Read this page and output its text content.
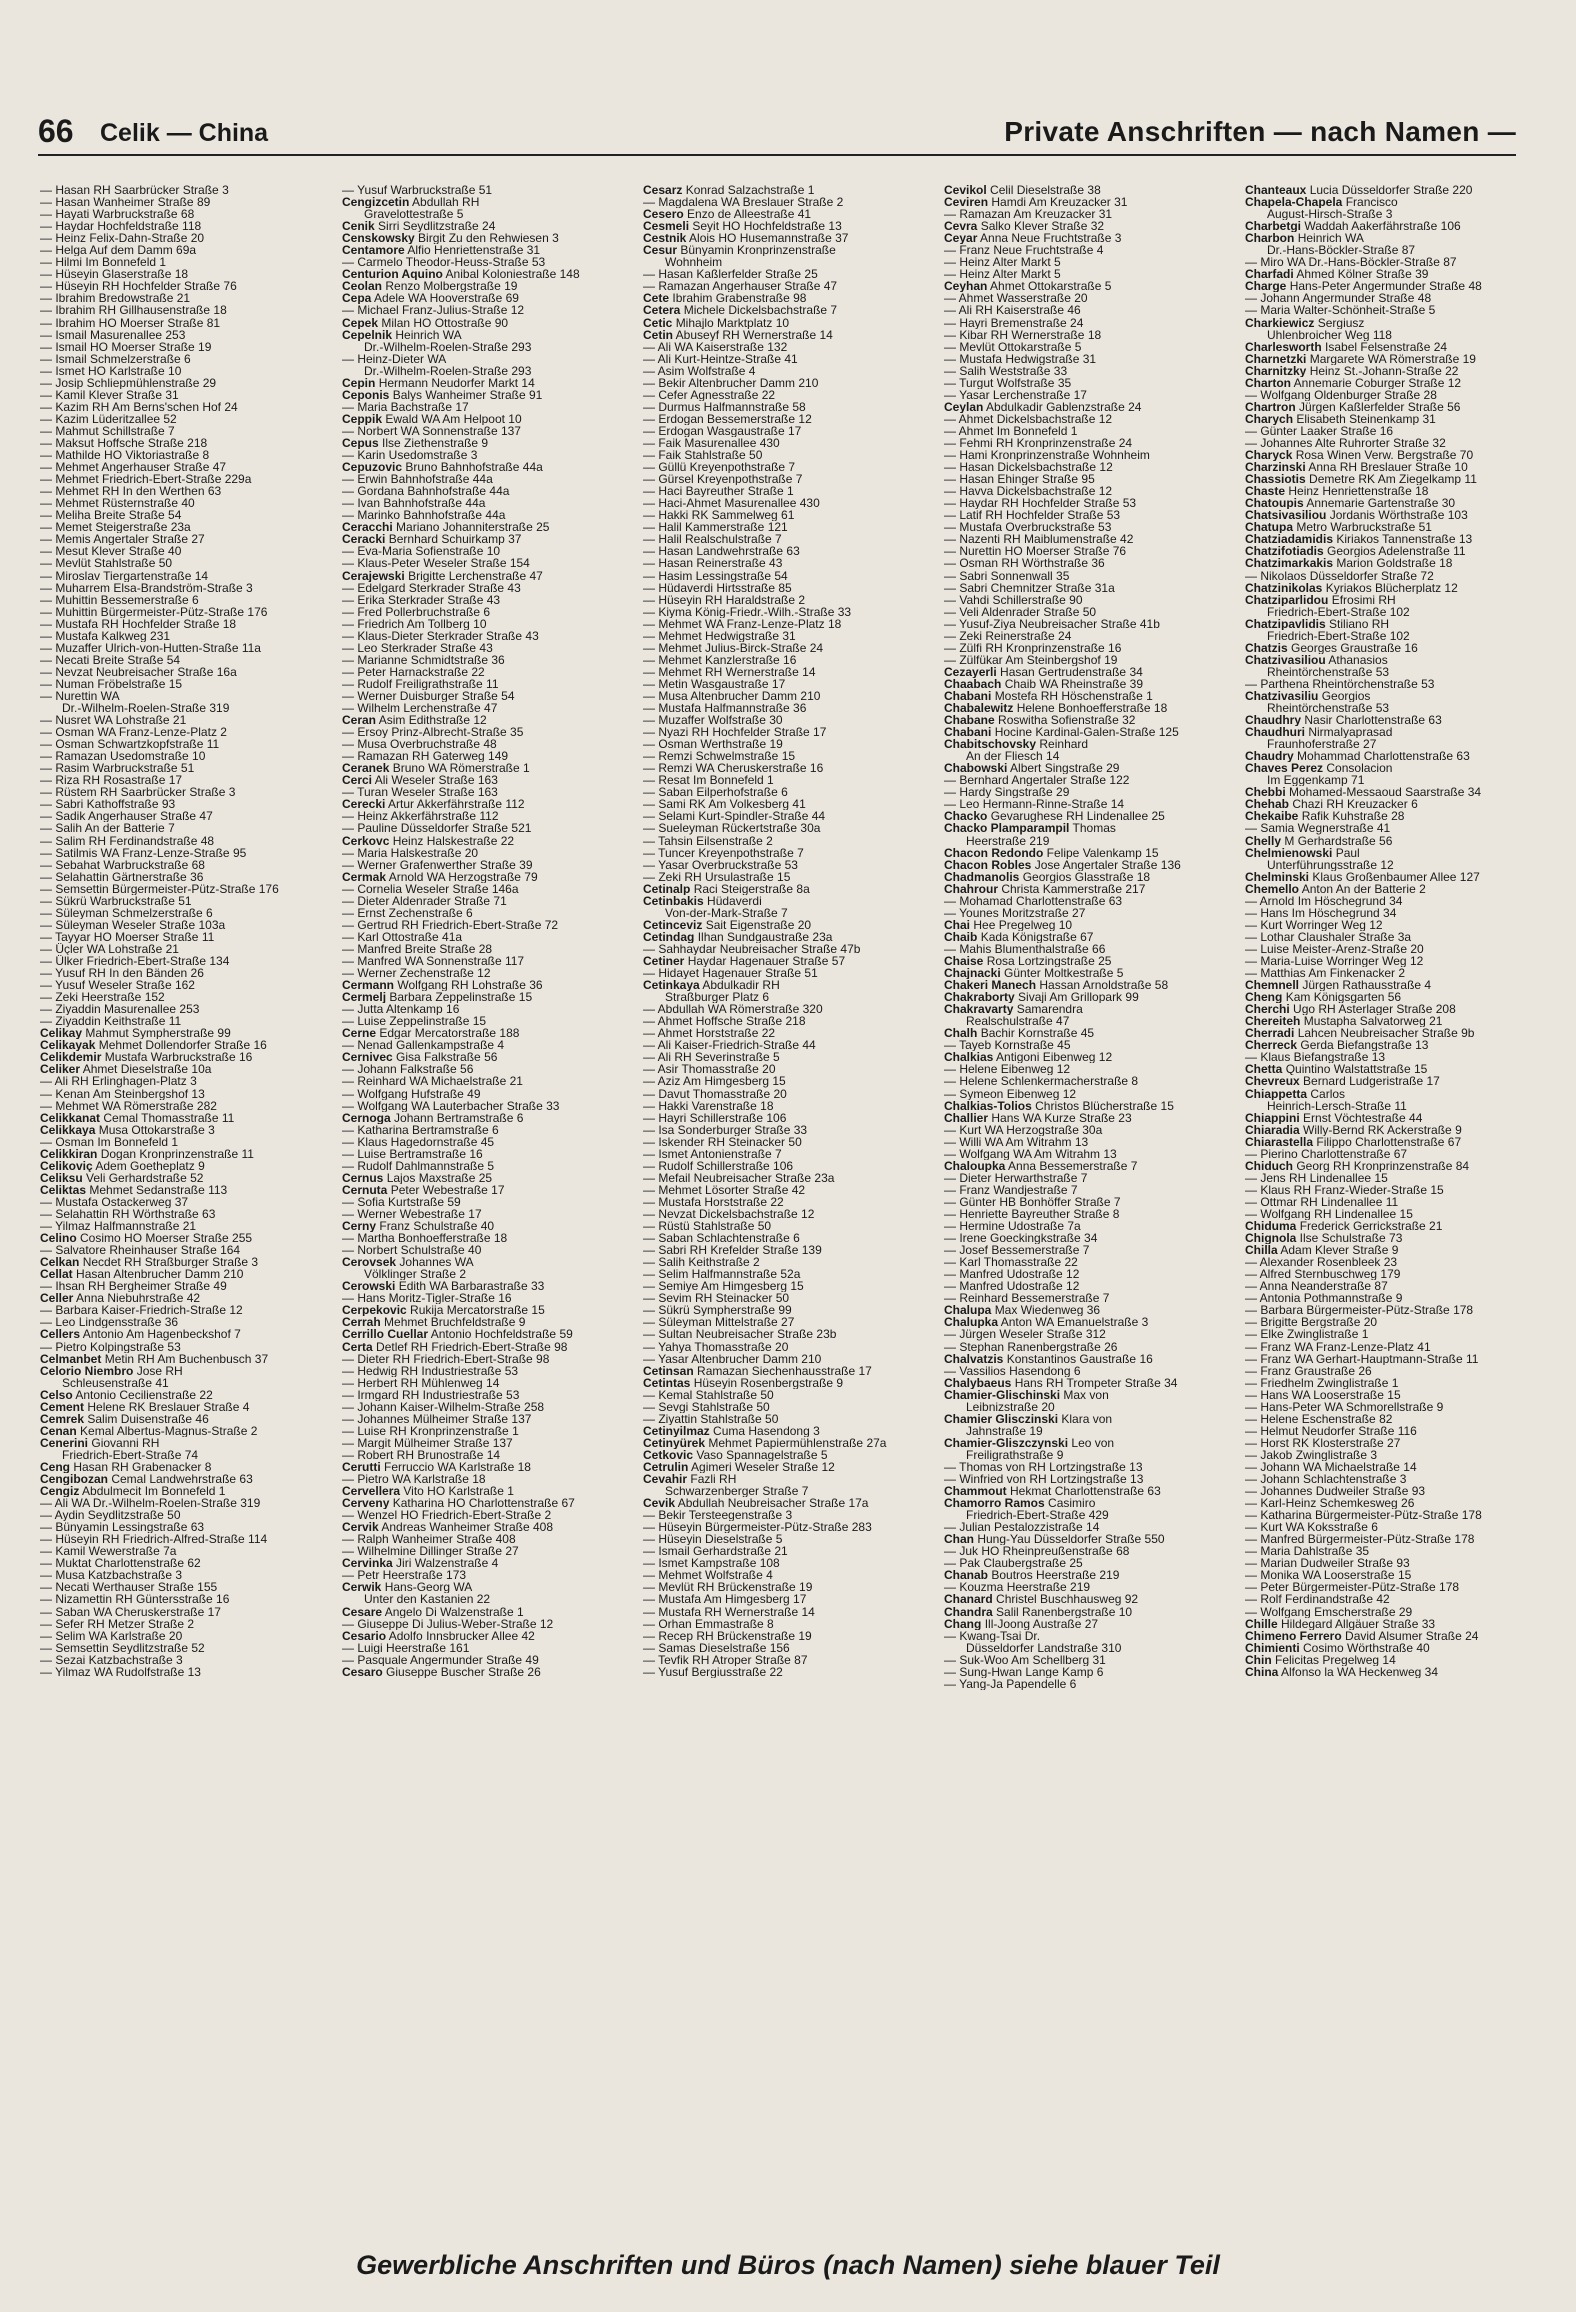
66 Celik — China	Private Anschriften — nach Namen —
— Hasan RH Saarbrücker Straße 3
— Hasan Wanheimer Straße 89
— Hayati Warbruckstraße 68
— Haydar Hochfeldstraße 118
— Heinz Felix-Dahn-Straße 20
— Helga Auf dem Damm 69a
— Hilmi Im Bonnefeld 1
— Hüseyin Glaserstraße 18
— Hüseyin RH Hochfelder Straße 76
— Ibrahim Bredowstraße 21
— Ibrahim RH Gillhausenstraße 18
— Ibrahim HO Moerser Straße 81
— Ismail Masurenallee 253
— Ismail HO Moerser Straße 19
— Ismail Schmelzerstraße 6
— Ismet HO Karlstraße 10
— Josip Schliepmühlenstraße 29
— Kamil Klever Straße 31
— Kazim RH Am Berns'schen Hof 24
— Kazim Lüderitzallee 52
— Mahmut Schillstraße 7
— Maksut Hoffsche Straße 218
— Mathilde HO Viktoriastraße 8
— Mehmet Angerhauser Straße 47
— Mehmet Friedrich-Ebert-Straße 229a
— Mehmet RH In den Werthen 63
— Mehmet Rüsternstraße 40
— Meliha Breite Straße 54
— Memet Steigerstraße 23a
— Memis Angertaler Straße 27
— Mesut Klever Straße 40
— Mevlüt Stahlstraße 50
— Miroslav Tiergartenstraße 14
— Muharrem Elsa-Brandström-Straße 3
— Muhittin Bessemerstraße 6
— Muhittin Bürgermeister-Pütz-Straße 176
— Mustafa RH Hochfelder Straße 18
— Mustafa Kalkweg 231
— Muzaffer Ulrich-von-Hutten-Straße 11a
— Necati Breite Straße 54
— Nevzat Neubreisacher Straße 16a
— Numan Fröbelstraße 15
— Nurettin WA
Dr.-Wilhelm-Roelen-Straße 319
— Nusret WA Lohstraße 21
— Osman WA Franz-Lenze-Platz 2
— Osman Schwartzkopfstraße 11
— Ramazan Usedomstraße 10
— Rasim Warbruckstraße 51
— Riza RH Rosastraße 17
— Rüstem RH Saarbrücker Straße 3
— Sabri Kathoffstraße 93
— Sadik Angerhauser Straße 47
— Salih An der Batterie 7
— Salim RH Ferdinandstraße 48
— Satilmis WA Franz-Lenze-Straße 95
— Sebahat Warbruckstraße 68
— Selahattin Gärtnerstraße 36
— Semsettin Bürgermeister-Pütz-Straße 176
— Sükrü Warbruckstraße 51
— Süleyman Schmelzerstraße 6
— Süleyman Weseler Straße 103a
— Tayyar HO Moerser Straße 11
— Üçler WA Lohstraße 21
— Ülker Friedrich-Ebert-Straße 134
— Yusuf RH In den Bänden 26
— Yusuf Weseler Straße 162
— Zeki Heerstraße 152
— Ziyaddin Masurenallee 253
— Ziyaddin Keithstraße 11
Celikay Mahmut Sympherstraße 99
Celikayak Mehmet Dollendorfer Straße 16
Celikdemir Mustafa Warbruckstraße 16
Celiker Ahmet Dieselstraße 10a
— Ali RH Erlinghagen-Platz 3
— Kenan Am Steinbergshof 13
— Mehmet WA Römerstraße 282
Celikkanat Cemal Thomasstraße 11
Celikkaya Musa Ottokarstraße 3
— Osman Im Bonnefeld 1
Celikkiran Dogan Kronprinzenstraße 11
Celikoviç Adem Goetheplatz 9
Celiksu Veli Gerhardstraße 52
Celiktas Mehmet Sedanstraße 113
— Mustafa Ostackerweg 37
— Selahattin RH Wörthstraße 63
— Yilmaz Halfmannstraße 21
Celino Cosimo HO Moerser Straße 255
— Salvatore Rheinhauser Straße 164
Celkan Necdet RH Straßburger Straße 3
Cellat Hasan Altenbrucher Damm 210
— Ihsan RH Bergheimer Straße 49
Celler Anna Niebuhrstraße 42
— Barbara Kaiser-Friedrich-Straße 12
— Leo Lindgensstraße 36
Cellers Antonio Am Hagenbeckshof 7
— Pietro Kolpingstraße 53
Celmanbet Metin RH Am Buchenbusch 37
Celorio Niembro Jose RH
Schleusenstraße 41
Celso Antonio Cecilienstraße 22
Cement Helene RK Breslauer Straße 4
Cemrek Salim Duisenstraße 46
Cenan Kemal Albertus-Magnus-Straße 2
Cenerini Giovanni RH
Friedrich-Ebert-Straße 74
Ceng Hasan RH Grabenacker 8
Cengibozan Cemal Landwehrstraße 63
Cengiz Abdulmecit Im Bonnefeld 1
— Ali WA Dr.-Wilhelm-Roelen-Straße 319
— Aydin Seydlitzstraße 50
— Bünyamin Lessingstraße 63
— Hüseyin RH Friedrich-Alfred-Straße 114
— Kamil Wewerstraße 7a
— Muktat Charlottenstraße 62
— Musa Katzbachstraße 3
— Necati Werthauser Straße 155
— Nizamettin RH Güntersstraße 16
— Saban WA Cheruskerstraße 17
— Sefer RH Metzer Straße 2
— Selim WA Karlstraße 20
— Semsettin Seydlitzstraße 52
— Sezai Katzbachstraße 3
— Yilmaz WA Rudolfstraße 13
— Yusuf Warbruckstraße 51
Cengizcetin Abdullah RH
Gravelottestraße 5
Cenik Sirri Seydlitzstraße 24
Censkowsky Birgit Zu den Rehwiesen 3
Centamore Alfio Henriettenstraße 31
— Carmelo Theodor-Heuss-Straße 53
Centurion Aquino Anibal Koloniestraße 148
Ceolan Renzo Molbergstraße 19
Cepa Adele WA Hooverstraße 69
— Michael Franz-Julius-Straße 12
Cepek Milan HO Ottostraße 90
Cepelnik Heinrich WA
Dr.-Wilhelm-Roelen-Straße 293
— Heinz-Dieter WA
Dr.-Wilhelm-Roelen-Straße 293
Cepin Hermann Neudorfer Markt 14
Ceponis Balys Wanheimer Straße 91
— Maria Bachstraße 17
Ceppik Ewald WA Am Helpoot 10
— Norbert WA Sonnenstraße 137
Cepus Ilse Ziethenstraße 9
— Karin Usedomstraße 3
Cepuzovic Bruno Bahnhofstraße 44a
— Erwin Bahnhofstraße 44a
— Gordana Bahnhofstraße 44a
— Ivan Bahnhofstraße 44a
— Marinko Bahnhofstraße 44a
Ceracchi Mariano Johanniterstraße 25
Ceracki Bernhard Schuirkamp 37
— Eva-Maria Sofienstraße 10
— Klaus-Peter Weseler Straße 154
Cerajewski Brigitte Lerchenstraße 47
— Edelgard Sterkrader Straße 43
— Erika Sterkrader Straße 43
— Fred Pollerbruchstraße 6
— Friedrich Am Tollberg 10
— Klaus-Dieter Sterkrader Straße 43
— Leo Sterkrader Straße 43
— Marianne Schmidtstraße 36
— Peter Harnackstraße 22
— Rudolf Freiligrathstraße 11
— Werner Duisburger Straße 54
— Wilhelm Lerchenstraße 47
Ceran Asim Edithstraße 12
— Ersoy Prinz-Albrecht-Straße 35
— Musa Overbruchstraße 48
— Ramazan RH Gaterweg 149
Ceranek Bruno WA Römerstraße 1
Cerci Ali Weseler Straße 163
— Turan Weseler Straße 163
Cerecki Artur Akkerfährstraße 112
— Heinz Akkerfährstraße 112
— Pauline Düsseldorfer Straße 521
Cerkovc Heinz Halskestraße 22
— Maria Halskestraße 20
— Werner Grafenwerther Straße 39
Cermak Arnold WA Herzogstraße 79
— Cornelia Weseler Straße 146a
— Dieter Aldenrader Straße 71
— Ernst Zechenstraße 6
— Gertrud RH Friedrich-Ebert-Straße 72
— Karl Ottostraße 41a
— Manfred Breite Straße 28
— Manfred WA Sonnenstraße 117
— Werner Zechenstraße 12
Cermann Wolfgang RH Lohstraße 36
Cermelj Barbara Zeppelinstraße 15
— Jutta Altenkamp 16
— Luise Zeppelinstraße 15
Cerne Edgar Mercatorstraße 188
— Nenad Gallenkampstraße 4
Cernivec Gisa Falkstraße 56
— Johann Falkstraße 56
— Reinhard WA Michaelstraße 21
— Wolfgang Hufstraße 49
— Wolfgang WA Lauterbacher Straße 33
Cernoga Johann Bertramstraße 6
— Katharina Bertramstraße 6
— Klaus Hagedornstraße 45
— Luise Bertramstraße 16
— Rudolf Dahlmannstraße 5
Cernus Lajos Maxstraße 25
Cernuta Peter Webestraße 17
— Sofia Kurtstraße 59
— Werner Webestraße 17
Cerny Franz Schulstraße 40
— Martha Bonhoefferstraße 18
— Norbert Schulstraße 40
Cerovsek Johannes WA
Völklinger Straße 2
Cerowski Edith WA Barbarastraße 33
— Hans Moritz-Tigler-Straße 16
Cerpekovic Rukija Mercatorstraße 15
Cerrah Mehmet Bruchfeldstraße 9
Cerrillo Cuellar Antonio Hochfeldstraße 59
Certa Detlef RH Friedrich-Ebert-Straße 98
— Dieter RH Friedrich-Ebert-Straße 98
— Hedwig RH Industriestraße 53
— Herbert RH Mühlenweg 14
— Irmgard RH Industriestraße 53
— Johann Kaiser-Wilhelm-Straße 258
— Johannes Mülheimer Straße 137
— Luise RH Kronprinzenstraße 1
— Margit Mülheimer Straße 137
— Robert RH Brunostraße 14
Cerutti Ferruccio WA Karlstraße 18
— Pietro WA Karlstraße 18
Cervellera Vito HO Karlstraße 1
Cerveny Katharina HO Charlottenstraße 67
— Wenzel HO Friedrich-Ebert-Straße 2
Cervik Andreas Wanheimer Straße 408
— Ralph Wanheimer Straße 408
— Wilhelmine Dillinger Straße 27
Cervinka Jiri Walzenstraße 4
— Petr Heerstraße 173
Cerwik Hans-Georg WA
Unter den Kastanien 22
Cesare Angelo Di Walzenstraße 1
— Giuseppe Di Julius-Weber-Straße 12
Cesario Adolfo Innsbrucker Allee 42
— Luigi Heerstraße 161
— Pasquale Angermunder Straße 49
Cesaro Giuseppe Buscher Straße 26
Cesarz Konrad Salzachstraße 1
— Magdalena WA Breslauer Straße 2
Cesero Enzo de Alleestraße 41
Cesmeli Seyit HO Hochfeldstraße 13
Cestnik Alois HO Husemannstraße 37
Cesur Bünyamin Kronprinzenstraße
Wohnheim
— Hasan Kaßlerfelder Straße 25
— Ramazan Angerhauser Straße 47
Cete Ibrahim Grabenstraße 98
Cetera Michele Dickelsbachstraße 7
Cetic Mihajlo Marktplatz 10
Cetin Abuseyf RH Wernerstraße 14
— Ali WA Kaiserstraße 132
— Ali Kurt-Heintze-Straße 41
— Asim Wolfstraße 4
— Bekir Altenbrucher Damm 210
— Cefer Agnesstraße 22
— Durmus Halfmannstraße 58
— Erdogan Bessemerstraße 12
— Erdogan Wasgaustraße 17
— Faik Masurenallee 430
— Faik Stahlstraße 50
— Güllü Kreyenpothstraße 7
— Gürsel Kreyenpothstraße 7
— Haci Bayreuther Straße 1
— Haci-Ahmet Masurenallee 430
— Hakki RK Sammelweg 61
— Halil Kammerstraße 121
— Halil Realschulstraße 7
— Hasan Landwehrstraße 63
— Hasan Reinerstraße 43
— Hasim Lessingstraße 54
— Hüdaverdi Hirtsstraße 85
— Hüseyin RH Haraldstraße 2
— Kiyma König-Friedr.-Wilh.-Straße 33
— Mehmet WA Franz-Lenze-Platz 18
— Mehmet Hedwigstraße 31
— Mehmet Julius-Birck-Straße 24
— Mehmet Kanzlerstraße 16
— Mehmet RH Wernerstraße 14
— Metin Wasgaustraße 17
— Musa Altenbrucher Damm 210
— Mustafa Halfmannstraße 36
— Muzaffer Wolfstraße 30
— Nyazi RH Hochfelder Straße 17
— Osman Werthstraße 19
— Remzi Schwelmstraße 15
— Remzi WA Cheruskerstraße 16
— Resat Im Bonnefeld 1
— Saban Eilperhofstraße 6
— Sami RK Am Volkesberg 41
— Selami Kurt-Spindler-Straße 44
— Sueleyman Rückertstraße 30a
— Tahsin Eilsenstraße 2
— Tuncer Kreyenpothstraße 7
— Yasar Overbruckstraße 53
— Zeki RH Ursulastraße 15
Cetinalp Raci Steigerstraße 8a
Cetinbakis Hüdaverdi
Von-der-Mark-Straße 7
Cetinceviz Sait Eigenstraße 20
Cetindag Ilhan Sundgaustraße 23a
— Sahhaydar Neubreisacher Straße 47b
Cetiner Haydar Hagenauer Straße 57
— Hidayet Hagenauer Straße 51
Cetinkaya Abdulkadir RH
Straßburger Platz 6
— Abdullah WA Römerstraße 320
— Ahmet Hoffsche Straße 218
— Ahmet Horststraße 22
— Ali Kaiser-Friedrich-Straße 44
— Ali RH Severinstraße 5
— Asir Thomasstraße 20
— Aziz Am Himgesberg 15
— Davut Thomasstraße 20
— Hakki Varenstraße 18
— Hayri Schillerstraße 106
— Isa Sonderburger Straße 33
— Iskender RH Steinacker 50
— Ismet Antonienstraße 7
— Rudolf Schillerstraße 106
— Mefail Neubreisacher Straße 23a
— Mehmet Lösorter Straße 42
— Mustafa Horststraße 22
— Nevzat Dickelsbachstraße 12
— Rüstü Stahlstraße 50
— Saban Schlachtenstraße 6
— Sabri RH Krefelder Straße 139
— Salih Keithstraße 2
— Selim Halfmannstraße 52a
— Semiye Am Himgesberg 15
— Sevim RH Steinacker 50
— Sükrü Sympherstraße 99
— Süleyman Mittelstraße 27
— Sultan Neubreisacher Straße 23b
— Yahya Thomasstraße 20
— Yasar Altenbrucher Damm 210
Cetinsan Ramazan Siechenhausstraße 17
Cetintas Hüseyin Rosenbergstraße 9
— Kemal Stahlstraße 50
— Sevgi Stahlstraße 50
— Ziyattin Stahlstraße 50
Cetinyilmaz Cuma Hasendong 3
Cetinyürek Mehmet Papiermühlenstraße 27a
Cetkovic Vaso Spannagelstraße 5
Cetrulin Agimeri Weseler Straße 12
Cevahir Fazli RH
Schwarzenberger Straße 7
Cevik Abdullah Neubreisacher Straße 17a
— Bekir Tersteegenstraße 3
— Hüseyin Bürgermeister-Pütz-Straße 283
— Hüseyin Dieselstraße 5
— Ismail Gerhardstraße 21
— Ismet Kampstraße 108
— Mehmet Wolfstraße 4
— Mevlüt RH Brückenstraße 19
— Mustafa Am Himgesberg 17
— Mustafa RH Wernerstraße 14
— Orhan Emmastraße 8
— Recep RH Brückenstraße 19
— Samas Dieselstraße 156
— Tevfik RH Atroper Straße 87
— Yusuf Bergiusstraße 22
Cevikol Celil Dieselstraße 38
Ceviren Hamdi Am Kreuzacker 31
— Ramazan Am Kreuzacker 31
Cevra Salko Klever Straße 32
Ceyar Anna Neue Fruchtstraße 3
— Franz Neue Fruchtstraße 4
— Heinz Alter Markt 5
— Heinz Alter Markt 5
Ceyhan Ahmet Ottokarstraße 5
— Ahmet Wasserstraße 20
— Ali RH Kaiserstraße 46
— Hayri Bremenstraße 24
— Kibar RH Wernerstraße 18
— Mevlüt Ottokarstraße 5
— Mustafa Hedwigstraße 31
— Salih Weststraße 33
— Turgut Wolfstraße 35
— Yasar Lerchenstraße 17
Ceylan Abdulkadir Gablenzstraße 24
— Ahmet Dickelsbachstraße 12
— Ahmet Im Bonnefeld 1
— Fehmi RH Kronprinzenstraße 24
— Hami Kronprinzenstraße Wohnheim
— Hasan Dickelsbachstraße 12
— Hasan Ehinger Straße 95
— Havva Dickelsbachstraße 12
— Haydar RH Hochfelder Straße 53
— Latif RH Hochfelder Straße 53
— Mustafa Overbruckstraße 53
— Nazenti RH Maiblumenstraße 42
— Nurettin HO Moerser Straße 76
— Osman RH Wörthstraße 36
— Sabri Sonnenwall 35
— Sabri Chemnitzer Straße 31a
— Vahdi Schillerstraße 90
— Veli Aldenrader Straße 50
— Yusuf-Ziya Neubreisacher Straße 41b
— Zeki Reinerstraße 24
— Zülfi RH Kronprinzenstraße 16
— Zülfükar Am Steinbergshof 19
Cezayerli Hasan Gertrudenstraße 34
Chaabach Chaib WA Rheinstraße 39
Chabani Mostefa RH Höschenstraße 1
Chabalewitz Helene Bonhoefferstraße 18
Chabane Roswitha Sofienstraße 32
Chabani Hocine Kardinal-Galen-Straße 125
Chabitschovsky Reinhard
An der Fliesch 14
Chabowski Albert Singstraße 29
— Bernhard Angertaler Straße 122
— Hardy Singstraße 29
— Leo Hermann-Rinne-Straße 14
Chacko Gevarughese RH Lindenallee 25
Chacko Plamparampil Thomas
Heerstraße 219
Chacon Redondo Felipe Valenkamp 15
Chacon Robles Jose Angertaler Straße 136
Chadmanolis Georgios Glasstraße 18
Chahrour Christa Kammerstraße 217
— Mohamad Charlottenstraße 63
— Younes Moritzstraße 27
Chai Hee Pregelweg 10
Chaib Kada Königstraße 67
— Mahis Blumenthalstraße 66
Chaise Rosa Lortzingstraße 25
Chajnacki Günter Moltkestraße 5
Chakeri Manech Hassan Arnoldstraße 58
Chakraborty Sivaji Am Grillopark 99
Chakravarty Samarendra
Realschulstraße 47
Chalh Bachir Kornstraße 45
— Tayeb Kornstraße 45
Chalkias Antigoni Eibenweg 12
— Helene Eibenweg 12
— Helene Schlenkermacherstraße 8
— Symeon Eibenweg 12
Chalkias-Tolios Christos Blücherstraße 15
Challier Hans WA Kurze Straße 23
— Kurt WA Herzogstraße 30a
— Willi WA Am Witrahm 13
— Wolfgang WA Am Witrahm 13
Chaloupka Anna Bessemerstraße 7
— Dieter Herwarthstraße 7
— Franz Wandjestraße 7
— Günter HB Bonhöffer Straße 7
— Henriette Bayreuther Straße 8
— Hermine Udostraße 7a
— Irene Goeckingkstraße 34
— Josef Bessemerstraße 7
— Karl Thomasstraße 22
— Manfred Udostraße 12
— Manfred Udostraße 12
— Reinhard Bessemerstraße 7
Chalupa Max Wiedenweg 36
Chalupka Anton WA Emanuelstraße 3
— Jürgen Weseler Straße 312
— Stephan Ranenbergstraße 26
Chalvatzis Konstantinos Gaustraße 16
— Vassilios Hasendong 6
Chalybaeus Hans RH Trompeter Straße 34
Chamier-Glischinski Max von
Leibnizstraße 20
Chamier Glisczinski Klara von
Jahnstraße 19
Chamier-Gliszczynski Leo von
Freiligrathstraße 9
— Thomas von RH Lortzingstraße 13
— Winfried von RH Lortzingstraße 13
Chammout Hekmat Charlottenstraße 63
Chamorro Ramos Casimiro
Friedrich-Ebert-Straße 429
— Julian Pestalozzistraße 14
Chan Hung-Yau Düsseldorfer Straße 550
— Juk HO Rheinpreußenstraße 68
— Pak Claubergstraße 25
Chanab Boutros Heerstraße 219
— Kouzma Heerstraße 219
Chanard Christel Buschhausweg 92
Chandra Salil Ranenbergstraße 10
Chang Ill-Joong Austraße 27
— Kwang-Tsai Dr.
Düsseldorfer Landstraße 310
— Suk-Woo Am Schellberg 31
— Sung-Hwan Lange Kamp 6
— Yang-Ja Papendelle 6
Chanteaux Lucia Düsseldorfer Straße 220
Chapela-Chapela Francisco
August-Hirsch-Straße 3
Charbetgi Waddah Aakerfährstraße 106
Charbon Heinrich WA
Dr.-Hans-Böckler-Straße 87
— Miro WA Dr.-Hans-Böckler-Straße 87
Charfadi Ahmed Kölner Straße 39
Charge Hans-Peter Angermunder Straße 48
— Johann Angermunder Straße 48
— Maria Walter-Schönheit-Straße 5
Charkiewicz Sergiusz
Uhlenbroicher Weg 118
Charlesworth Isabel Felsenstraße 24
Charnetzki Margarete WA Römerstraße 19
Charnitzky Heinz St.-Johann-Straße 22
Charton Annemarie Coburger Straße 12
— Wolfgang Oldenburger Straße 28
Chartron Jürgen Kaßlerfelder Straße 56
Charych Elisabeth Steinenkamp 31
— Günter Laaker Straße 16
— Johannes Alte Ruhrorter Straße 32
Charyck Rosa Winen Verw. Bergstraße 70
Charzinski Anna RH Breslauer Straße 10
Chassiotis Demetre RK Am Ziegelkamp 11
Chaste Heinz Henriettenstraße 18
Chatoupis Annemarie Gartenstraße 30
Chatsivasiliou Jordanis Wörthstraße 103
Chatupa Metro Warbruckstraße 51
Chatziadamidis Kiriakos Tannenstraße 13
Chatzifotiadis Georgios Adelenstraße 11
Chatzimarkakis Marion Goldstraße 18
— Nikolaos Düsseldorfer Straße 72
Chatzinikolas Kyriakos Blücherplatz 12
Chatziparlidou Efrosimi RH
Friedrich-Ebert-Straße 102
Chatzipavlidis Stiliano RH
Friedrich-Ebert-Straße 102
Chatzis Georges Graustraße 16
Chatzivasiliou Athanasios
Rheintörchenstraße 53
— Parthena Rheintörchenstraße 53
Chatzivasiliu Georgios
Rheintörchenstraße 53
Chaudhry Nasir Charlottenstraße 63
Chaudhuri Nirmalyaprasad
Fraunhoferstraße 27
Chaudry Mohammad Charlottenstraße 63
Chaves Perez Consolacion
Im Eggenkamp 71
Chebbi Mohamed-Messaoud Saarstraße 34
Chehab Chazi RH Kreuzacker 6
Chekaibe Rafik Kuhstraße 28
— Samia Wegnerstraße 41
Chelly M Gerhardstraße 56
Chelmienowski Paul
Unterführungsstraße 12
Chelminski Klaus Großenbaumer Allee 127
Chemello Anton An der Batterie 2
— Arnold Im Höschegrund 34
— Hans Im Höschegrund 34
— Kurt Worringer Weg 12
— Lothar Claushaler Straße 3a
— Luise Meister-Arenz-Straße 20
— Maria-Luise Worringer Weg 12
— Matthias Am Finkenacker 2
Chemnell Jürgen Rathausstraße 4
Cheng Kam Königsgarten 56
Cherchi Ugo RH Asterlager Straße 208
Chereiteh Mustapha Salvatorweg 21
Cherradi Lahcen Neubreisacher Straße 9b
Cherreck Gerda Biefangstraße 13
— Klaus Biefangstraße 13
Chetta Quintino Walstattstraße 15
Chevreux Bernard Ludgeristraße 17
Chiappetta Carlos
Heinrich-Lersch-Straße 11
Chiappini Ernst Vöchtestraße 44
Chiaradia Willy-Bernd RK Ackerstraße 9
Chiarastella Filippo Charlottenstraße 67
— Pierino Charlottenstraße 67
Chiduch Georg RH Kronprinzenstraße 84
— Jens RH Lindenallee 15
— Klaus RH Franz-Wieder-Straße 15
— Ottmar RH Lindenallee 11
— Wolfgang RH Lindenallee 15
Chiduma Frederick Gerrickstraße 21
Chignola Ilse Schulstraße 73
Chilla Adam Klever Straße 9
— Alexander Rosenbleek 23
— Alfred Sternbuschweg 179
— Anna Neanderstraße 87
— Antonia Pothmannstraße 9
— Barbara Bürgermeister-Pütz-Straße 178
— Brigitte Bergstraße 20
— Elke Zwinglistraße 1
— Franz WA Franz-Lenze-Platz 41
— Franz WA Gerhart-Hauptmann-Straße 11
— Franz Graustraße 26
— Friedhelm Zwinglistraße 1
— Hans WA Looserstraße 15
— Hans-Peter WA Schmorellstraße 9
— Helene Eschenstraße 82
— Helmut Neudorfer Straße 116
— Horst RK Klosterstraße 27
— Jakob Zwinglistraße 3
— Johann WA Michaelstraße 14
— Johann Schlachtenstraße 3
— Johannes Dudweiler Straße 93
— Karl-Heinz Schemkesweg 26
— Katharina Bürgermeister-Pütz-Straße 178
— Kurt WA Koksstraße 6
— Manfred Bürgermeister-Pütz-Straße 178
— Maria Dahlstraße 35
— Marian Dudweiler Straße 93
— Monika WA Looserstraße 15
— Peter Bürgermeister-Pütz-Straße 178
— Rolf Ferdinandstraße 42
— Wolfgang Emscherstraße 29
Chille Hildegard Allgäuer Straße 33
Chimeno Ferrero David Alsumer Straße 24
Chimienti Cosimo Wörthstraße 40
Chin Felicitas Pregelweg 14
China Alfonso la WA Heckenweg 34
Gewerbliche Anschriften und Büros (nach Namen) siehe blauer Teil
